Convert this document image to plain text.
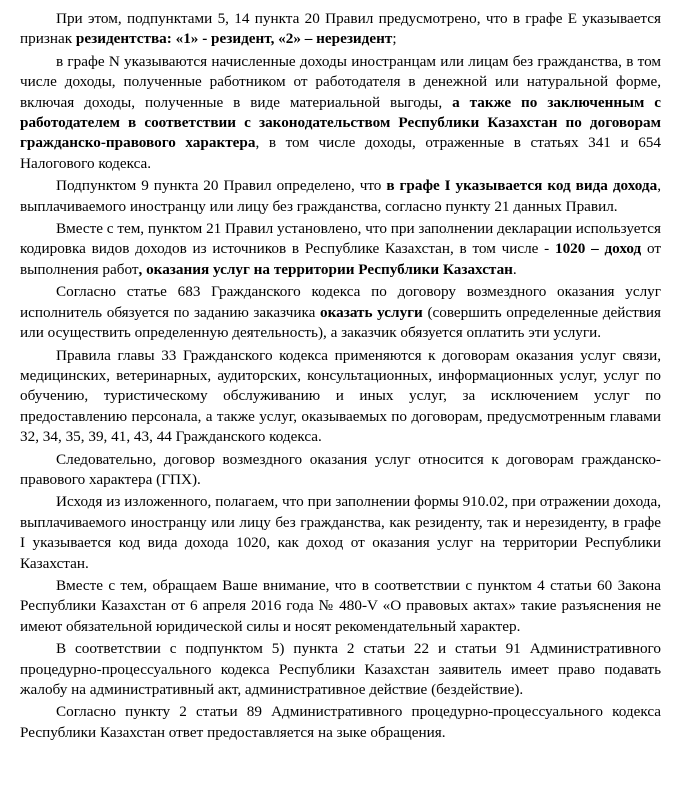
При этом, подпунктами 5, 14 пункта 20 Правил предусмотрено, что в графе Е указывается признак резидентства: «1» - резидент, «2» – нерезидент;

в графе N указываются начисленные доходы иностранцам или лицам без гражданства, в том числе доходы, полученные работником от работодателя в денежной или натуральной форме, включая доходы, полученные в виде материальной выгоды, а также по заключенным с работодателем в соответствии с законодательством Республики Казахстан по договорам гражданско-правового характера, в том числе доходы, отраженные в статьях 341 и 654 Налогового кодекса.

Подпунктом 9 пункта 20 Правил определено, что в графе I указывается код вида дохода, выплачиваемого иностранцу или лицу без гражданства, согласно пункту 21 данных Правил.

Вместе с тем, пунктом 21 Правил установлено, что при заполнении декларации используется кодировка видов доходов из источников в Республике Казахстан, в том числе - 1020 – доход от выполнения работ, оказания услуг на территории Республики Казахстан.

Согласно статье 683 Гражданского кодекса по договору возмездного оказания услуг исполнитель обязуется по заданию заказчика оказать услуги (совершить определенные действия или осуществить определенную деятельность), а заказчик обязуется оплатить эти услуги.

Правила главы 33 Гражданского кодекса применяются к договорам оказания услуг связи, медицинских, ветеринарных, аудиторских, консультационных, информационных услуг, услуг по обучению, туристическому обслуживанию и иных услуг, за исключением услуг по предоставлению персонала, а также услуг, оказываемых по договорам, предусмотренным главами 32, 34, 35, 39, 41, 43, 44 Гражданского кодекса.

Следовательно, договор возмездного оказания услуг относится к договорам гражданско-правового характера (ГПХ).

Исходя из изложенного, полагаем, что при заполнении формы 910.02, при отражении дохода, выплачиваемого иностранцу или лицу без гражданства, как резиденту, так и нерезиденту, в графе I указывается код вида дохода 1020, как доход от оказания услуг на территории Республики Казахстан.

Вместе с тем, обращаем Ваше внимание, что в соответствии с пунктом 4 статьи 60 Закона Республики Казахстан от 6 апреля 2016 года № 480-V «О правовых актах» такие разъяснения не имеют обязательной юридической силы и носят рекомендательный характер.

В соответствии с подпунктом 5) пункта 2 статьи 22 и статьи 91 Административного процедурно-процессуального кодекса Республики Казахстан заявитель имеет право подавать жалобу на административный акт, административное действие (бездействие).

Согласно пункту 2 статьи 89 Административного процедурно-процессуального кодекса Республики Казахстан ответ предоставляется на зыке обращения.
